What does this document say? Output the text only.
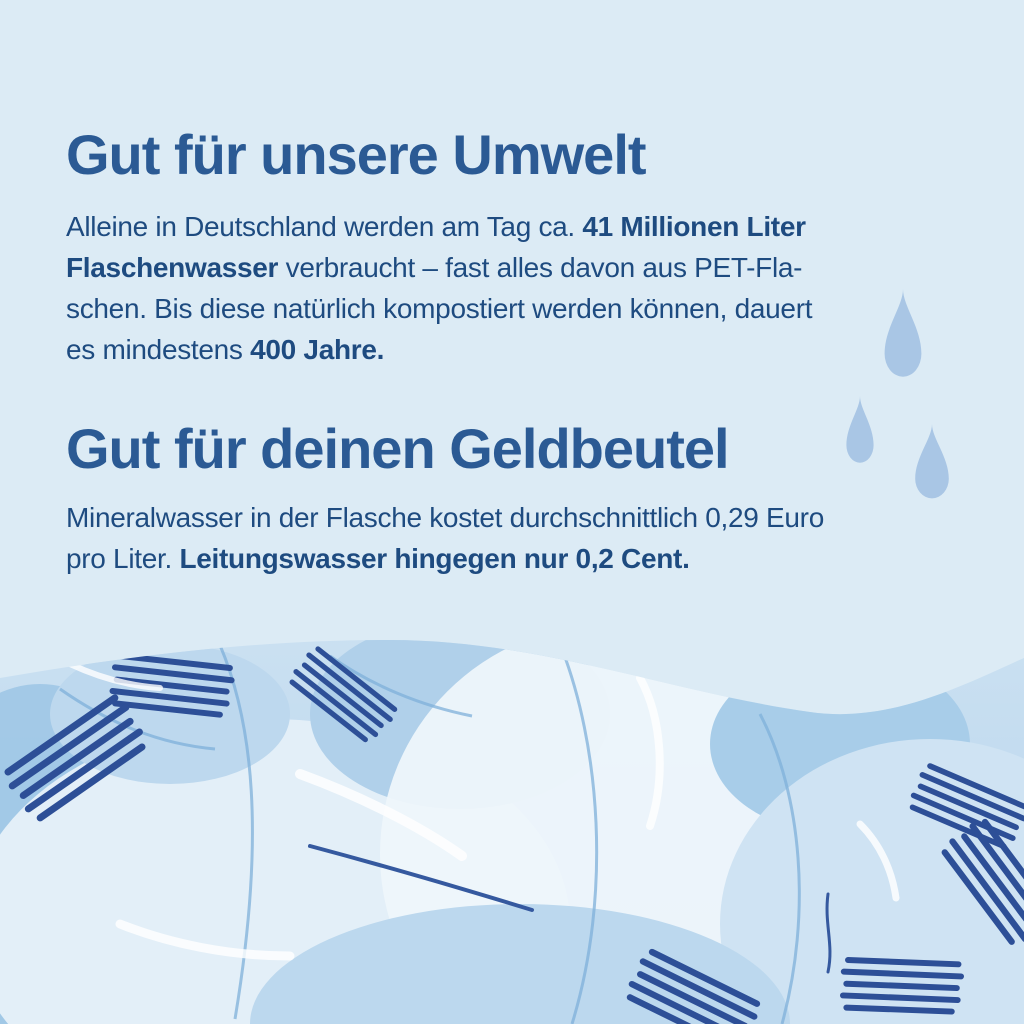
Gut für unsere Umwelt
Alleine in Deutschland werden am Tag ca. 41 Millionen Liter
Flaschenwasser verbraucht – fast alles davon aus PET-Fla-
schen. Bis diese natürlich kompostiert werden können, dauert
es mindestens 400 Jahre.
Gut für deinen Geldbeutel
Mineralwasser in der Flasche kostet durchschnittlich 0,29 Euro
pro Liter. Leitungswasser hingegen nur 0,2 Cent.
